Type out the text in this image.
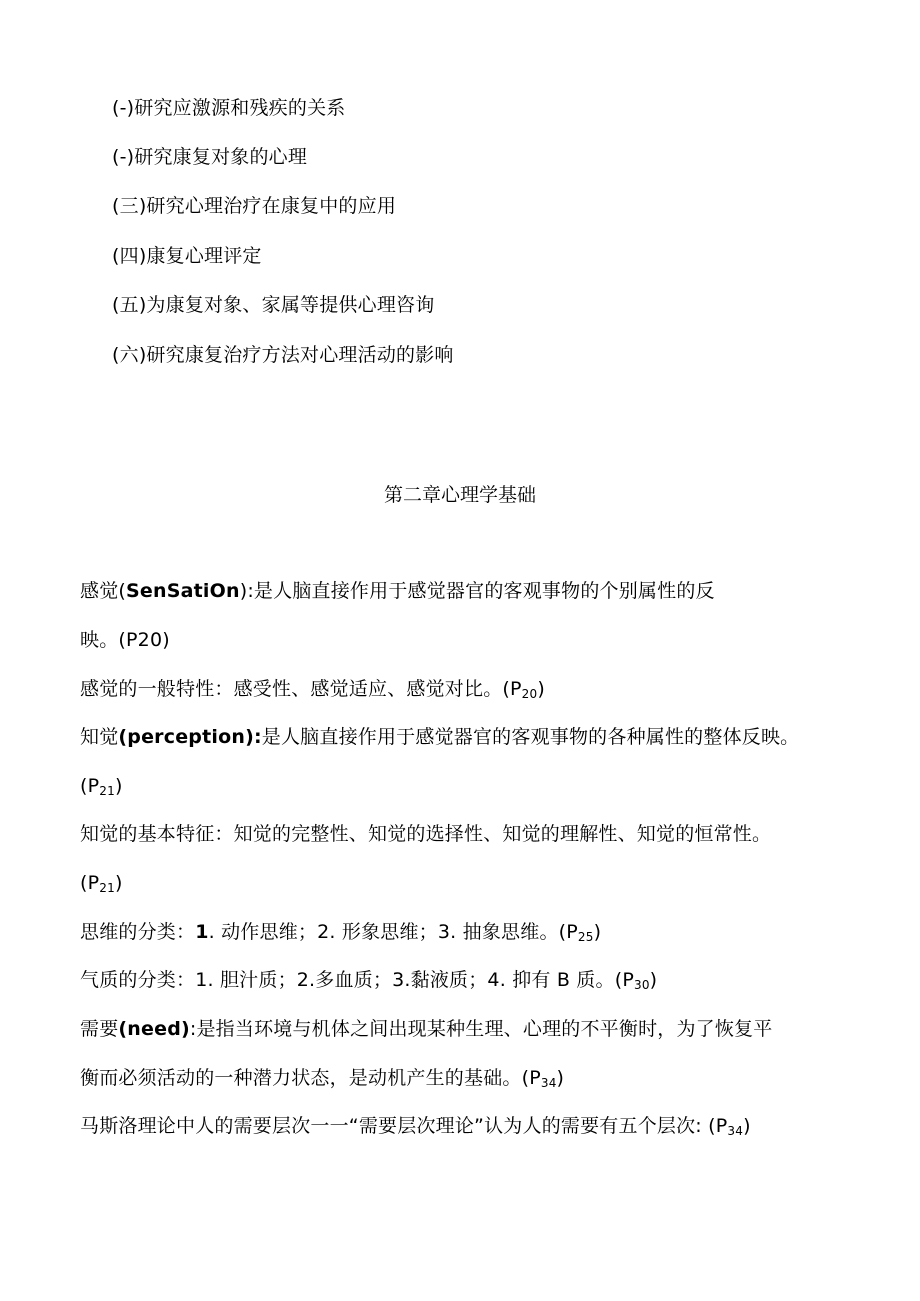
(-)研究应激源和残疾的关系
(-)研究康复对象的心理
(三)研究心理治疗在康复中的应用
(四)康复心理评定
(五)为康复对象、家属等提供心理咨询
(六)研究康复治疗方法对心理活动的影响
第二章心理学基础
感觉(SenSatiOn):是人脑直接作用于感觉器官的客观事物的个别属性的反
映。(P20)
感觉的一般特性：感受性、感觉适应、感觉对比。$(P_{20})$
知觉(perception):是人脑直接作用于感觉器官的客观事物的各种属性的整体反映。
$(P_{21})$
知觉的基本特征：知觉的完整性、知觉的选择性、知觉的理解性、知觉的恒常性。
$(P_{21})$
思维的分类：1. 动作思维；2. 形象思维；3. 抽象思维。$(P_{25})$
气质的分类：1. 胆汁质；2.多血质；3.黏液质；4. 抑有 B 质。$(P_{30})$
需要(need):是指当环境与机体之间出现某种生理、心理的不平衡时，为了恢复平
衡而必须活动的一种潜力状态，是动机产生的基础。$(P_{34})$
马斯洛理论中人的需要层次一一“需要层次理论”认为人的需要有五个层次: $(P_{34})$
